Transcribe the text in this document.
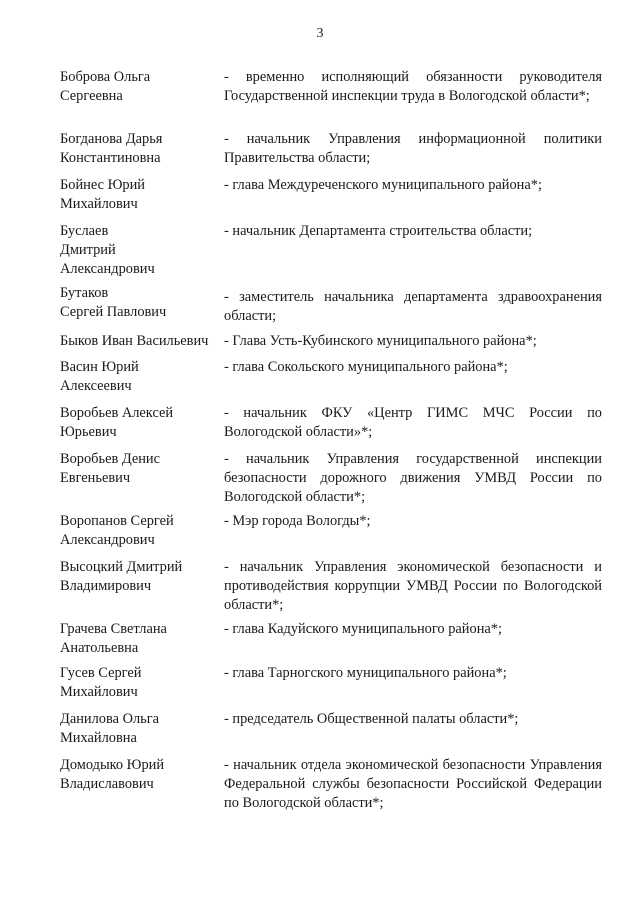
3
Боброва Ольга
Сергеевна
- временно исполняющий обязанности руководителя Государственной инспекции труда в Вологодской области*;
Богданова Дарья
Константиновна
- начальник Управления информационной политики Правительства области;
Бойнес Юрий
Михайлович
- глава Междуреченского муниципального района*;
Буслаев
Дмитрий
Александрович
- начальник Департамента строительства области;
Бутаков
Сергей Павлович
- заместитель начальника департамента здравоохранения области;
Быков Иван Васильевич	- Глава Усть-Кубинского муниципального района*;
Васин Юрий
Алексеевич
- глава Сокольского муниципального района*;
Воробьев Алексей
Юрьевич
- начальник ФКУ «Центр ГИМС МЧС России по Вологодской области»*;
Воробьев Денис
Евгеньевич
- начальник Управления государственной инспекции безопасности дорожного движения УМВД России по Вологодской области*;
Воропанов Сергей
Александрович
- Мэр города Вологды*;
Высоцкий Дмитрий
Владимирович
- начальник Управления экономической безопасности и противодействия коррупции УМВД России по Вологодской области*;
Грачева Светлана
Анатольевна
- глава Кадуйского муниципального района*;
Гусев Сергей
Михайлович
- глава Тарногского муниципального района*;
Данилова Ольга
Михайловна
- председатель Общественной палаты области*;
Домодыко Юрий
Владиславович
- начальник отдела экономической безопасности Управления Федеральной службы безопасности Российской Федерации по Вологодской области*;
